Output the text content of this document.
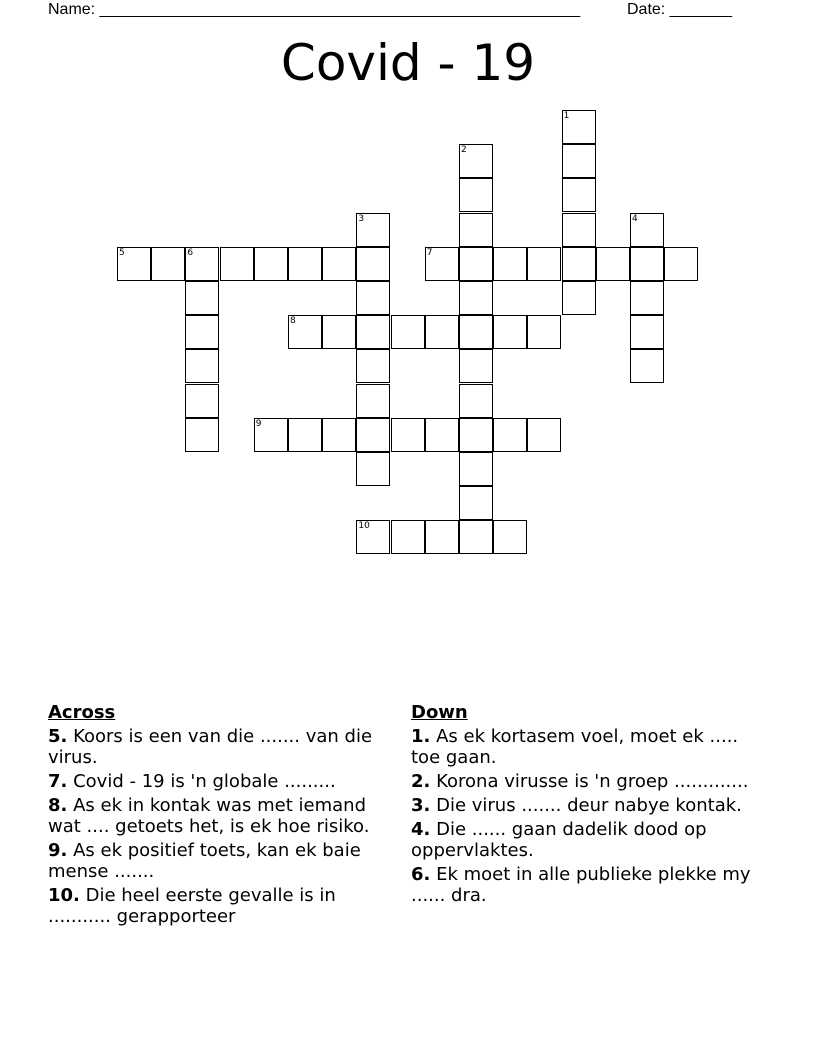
Name: ______________________________________________________	Date: _______
Covid - 19
1
2
3	4
5	6	7
8
9
10
Across
5. Koors is een van die ....... van die virus.
7. Covid - 19 is 'n globale .........
8. As ek in kontak was met iemand wat .... getoets het, is ek hoe risiko.
9. As ek positief toets, kan ek baie mense .......
10. Die heel eerste gevalle is in ........... gerapporteer
Down
1. As ek kortasem voel, moet ek ..... toe gaan.
2. Korona virusse is 'n groep .............
3. Die virus ....... deur nabye kontak.
4. Die ...... gaan dadelik dood op oppervlaktes.
6. Ek moet in alle publieke plekke my ...... dra.
